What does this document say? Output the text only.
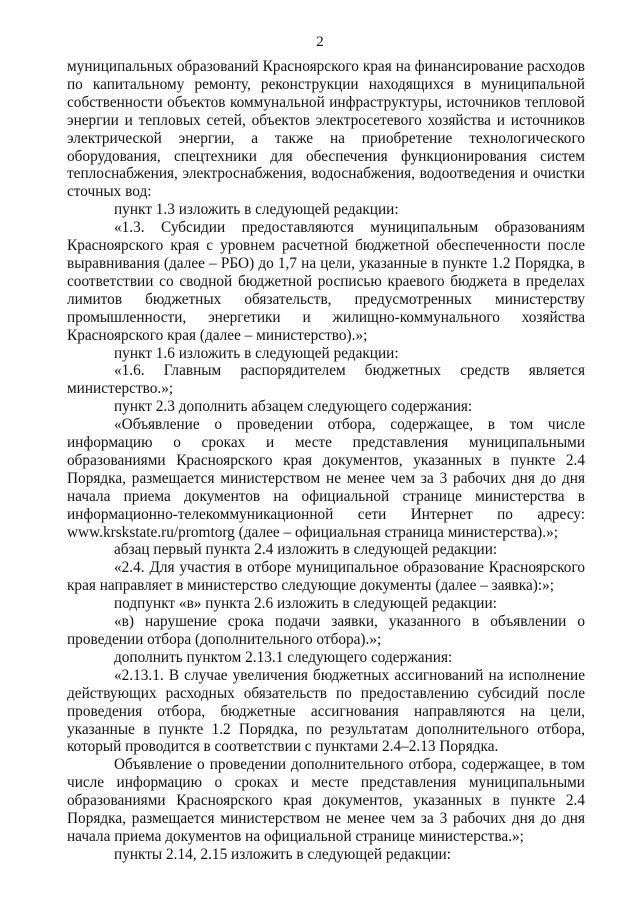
2

муниципальных образований Красноярского края на финансирование расходов по капитальному ремонту, реконструкции находящихся в муниципальной собственности объектов коммунальной инфраструктуры, источников тепловой энергии и тепловых сетей, объектов электросетевого хозяйства и источников электрической энергии, а также на приобретение технологического оборудования, спецтехники для обеспечения функционирования систем теплоснабжения, электроснабжения, водоснабжения, водоотведения и очистки сточных вод:

пункт 1.3 изложить в следующей редакции:

«1.3. Субсидии предоставляются муниципальным образованиям Красноярского края с уровнем расчетной бюджетной обеспеченности после выравнивания (далее – РБО) до 1,7 на цели, указанные в пункте 1.2 Порядка, в соответствии со сводной бюджетной росписью краевого бюджета в пределах лимитов бюджетных обязательств, предусмотренных министерству промышленности, энергетики и жилищно-коммунального хозяйства Красноярского края (далее – министерство).»;

пункт 1.6 изложить в следующей редакции:

«1.6. Главным распорядителем бюджетных средств является министерство.»;

пункт 2.3 дополнить абзацем следующего содержания:

«Объявление о проведении отбора, содержащее, в том числе информацию о сроках и месте представления муниципальными образованиями Красноярского края документов, указанных в пункте 2.4 Порядка, размещается министерством не менее чем за 3 рабочих дня до дня начала приема документов на официальной странице министерства в информационно-телекоммуникационной сети Интернет по адресу: www.krskstate.ru/promtorg (далее – официальная страница министерства).»;

абзац первый пункта 2.4 изложить в следующей редакции:

«2.4. Для участия в отборе муниципальное образование Красноярского края направляет в министерство следующие документы (далее – заявка):»;

подпункт «в» пункта 2.6 изложить в следующей редакции:

«в) нарушение срока подачи заявки, указанного в объявлении о проведении отбора (дополнительного отбора).»;

дополнить пунктом 2.13.1 следующего содержания:

«2.13.1. В случае увеличения бюджетных ассигнований на исполнение действующих расходных обязательств по предоставлению субсидий после проведения отбора, бюджетные ассигнования направляются на цели, указанные в пункте 1.2 Порядка, по результатам дополнительного отбора, который проводится в соответствии с пунктами 2.4–2.13 Порядка.

Объявление о проведении дополнительного отбора, содержащее, в том числе информацию о сроках и месте представления муниципальными образованиями Красноярского края документов, указанных в пункте 2.4 Порядка, размещается министерством не менее чем за 3 рабочих дня до дня начала приема документов на официальной странице министерства.»;

пункты 2.14, 2.15 изложить в следующей редакции:
